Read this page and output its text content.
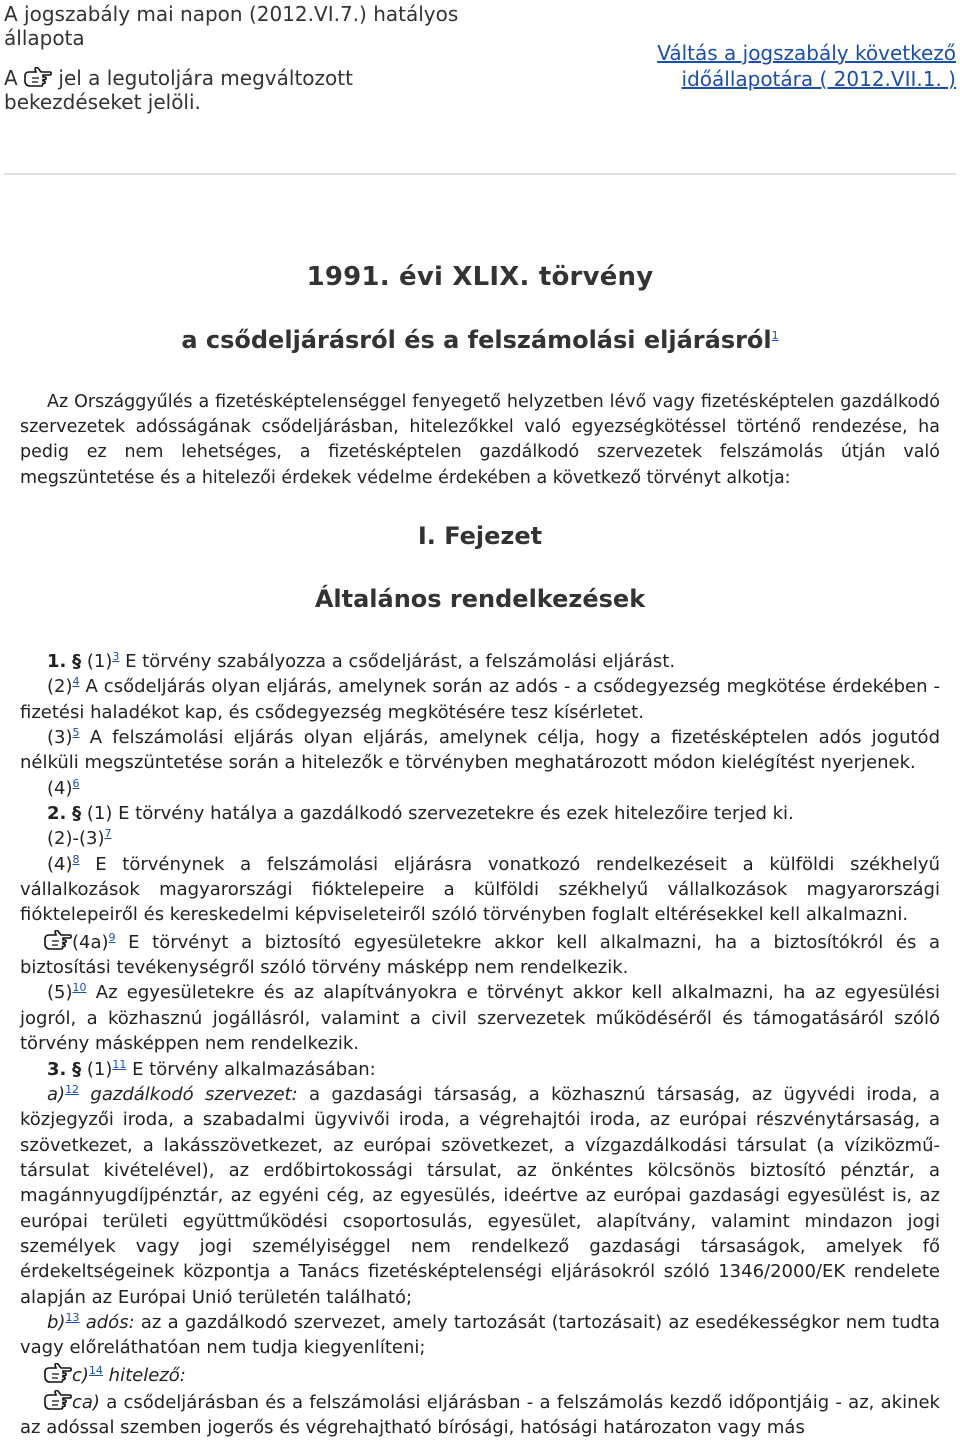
A jogszabály mai napon (2012.VI.7.) hatályos állapota
A jel a legutoljára megváltozott bekezdéseket jelöli.
Váltás a jogszabály következő időállapotára ( 2012.VII.1. )
1991. évi XLIX. törvény
a csődeljárásról és a felszámolási eljárásról$^1$
Az Országgyűlés a fizetésképtelenséggel fenyegető helyzetben lévő vagy fizetésképtelen gazdálkodó szervezetek adósságának csődeljárásban, hitelezőkkel való egyezségkötéssel történő rendezése, ha pedig ez nem lehetséges, a fizetésképtelen gazdálkodó szervezetek felszámolás útján való megszüntetése és a hitelezői érdekek védelme érdekében a következő törvényt alkotja:
I. Fejezet
Általános rendelkezések

1. § (1)$^3$ E törvény szabályozza a csődeljárást, a felszámolási eljárást.

(2)$^4$ A csődeljárás olyan eljárás, amelynek során az adós - a csődegyezség megkötése érdekében - fizetési haladékot kap, és csődegyezség megkötésére tesz kísérletet.

(3)$^5$ A felszámolási eljárás olyan eljárás, amelynek célja, hogy a fizetésképtelen adós jogutód nélküli megszüntetése során a hitelezők e törvényben meghatározott módon kielégítést nyerjenek.

(4)$^6$

2. § (1) E törvény hatálya a gazdálkodó szervezetekre és ezek hitelezőire terjed ki.

(2)-(3)$^7$

(4)$^8$ E törvénynek a felszámolási eljárásra vonatkozó rendelkezéseit a külföldi székhelyű vállalkozások magyarországi fióktelepeire a külföldi székhelyű vállalkozások magyarországi fióktelepeiről és kereskedelmi képviseleteiről szóló törvényben foglalt eltérésekkel kell alkalmazni.

(4a)$^9$ E törvényt a biztosító egyesületekre akkor kell alkalmazni, ha a biztosítókról és a biztosítási tevékenységről szóló törvény másképp nem rendelkezik.

(5)$^{10}$ Az egyesületekre és az alapítványokra e törvényt akkor kell alkalmazni, ha az egyesülési jogról, a közhasznú jogállásról, valamint a civil szervezetek működéséről és támogatásáról szóló törvény másképpen nem rendelkezik.

3. § (1)$^{11}$ E törvény alkalmazásában:

a)$^{12}$ gazdálkodó szervezet: a gazdasági társaság, a közhasznú társaság, az ügyvédi iroda, a közjegyzői iroda, a szabadalmi ügyvivői iroda, a végrehajtói iroda, az európai részvénytársaság, a szövetkezet, a lakásszövetkezet, az európai szövetkezet, a vízgazdálkodási társulat (a víziközmű-társulat kivételével), az erdőbirtokossági társulat, az önkéntes kölcsönös biztosító pénztár, a magánnyugdíjpénztár, az egyéni cég, az egyesülés, ideértve az európai gazdasági egyesülést is, az európai területi együttműködési csoportosulás, egyesület, alapítvány, valamint mindazon jogi személyek vagy jogi személyiséggel nem rendelkező gazdasági társaságok, amelyek fő érdekeltségeinek központja a Tanács fizetésképtelenségi eljárásokról szóló 1346/2000/EK rendelete alapján az Európai Unió területén található;

b)$^{13}$ adós: az a gazdálkodó szervezet, amely tartozását (tartozásait) az esedékességkor nem tudta vagy előreláthatóan nem tudja kiegyenlíteni;

c)$^{14}$ hitelező:

ca) a csődeljárásban és a felszámolási eljárásban - a felszámolás kezdő időpontjáig - az, akinek az adóssal szemben jogerős és végrehajtható bírósági, hatósági határozaton vagy más
